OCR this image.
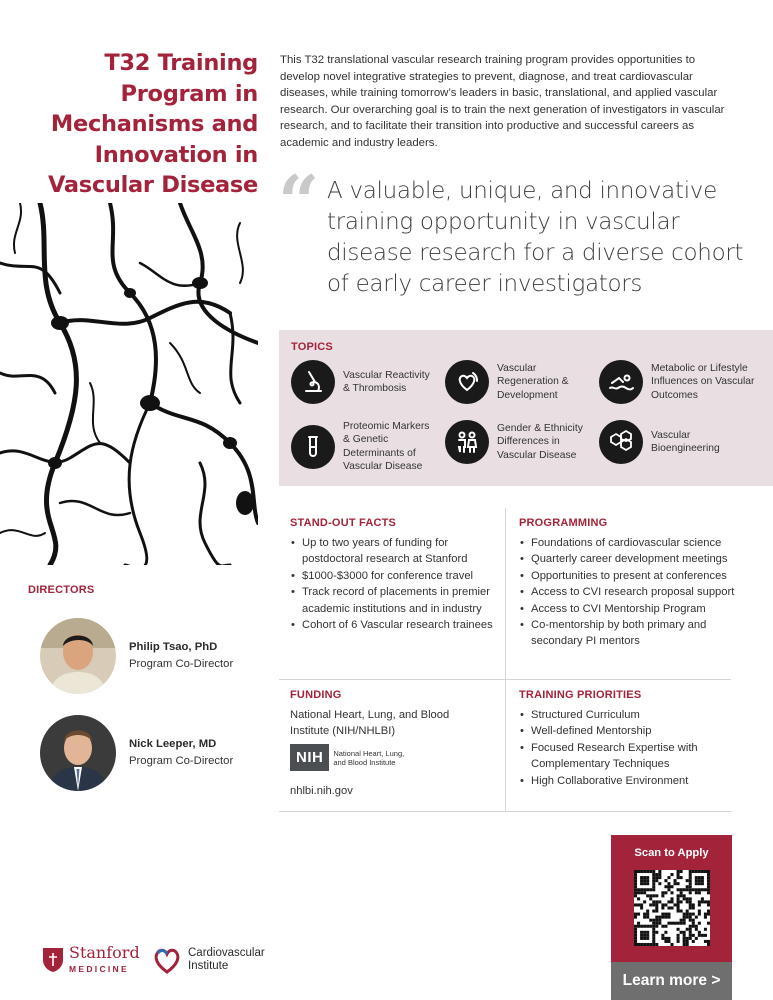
T32 Training
Program in
Mechanisms and
Innovation in
Vascular Disease

This T32 translational vascular research training program provides opportunities to develop novel integrative strategies to prevent, diagnose, and treat cardiovascular diseases, while training tomorrow’s leaders in basic, translational, and applied vascular research. Our overarching goal is to train the next generation of investigators in vascular research, and to facilitate their transition into productive and successful careers as academic and industry leaders.

“ A valuable, unique, and innovative training opportunity in vascular disease research for a diverse cohort of early career investigators
TOPICS
Vascular Reactivity & Thrombosis
Vascular Regeneration & Development
Metabolic or Lifestyle Influences on Vascular Outcomes
Proteomic Markers & Genetic Determinants of Vascular Disease
Gender & Ethnicity Differences in Vascular Disease
Vascular Bioengineering
STAND-OUT FACTS
• Up to two years of funding for postdoctoral research at Stanford
• $1000-$3000 for conference travel
• Track record of placements in premier academic institutions and in industry
• Cohort of 6 Vascular research trainees
PROGRAMMING
• Foundations of cardiovascular science
• Quarterly career development meetings
• Opportunities to present at conferences
• Access to CVI research proposal support
• Access to CVI Mentorship Program
• Co-mentorship by both primary and secondary PI mentors
FUNDING
National Heart, Lung, and Blood Institute (NIH/NHLBI)
NIH	National Heart, Lung, and Blood Institute
nhlbi.nih.gov
TRAINING PRIORITIES
• Structured Curriculum
• Well-defined Mentorship
• Focused Research Expertise with Complementary Techniques
• High Collaborative Environment
DIRECTORS
Philip Tsao, PhD
Program Co-Director
Nick Leeper, MD
Program Co-Director
Scan to Apply
Learn more >
Stanford
MEDICINE
Cardiovascular
Institute
